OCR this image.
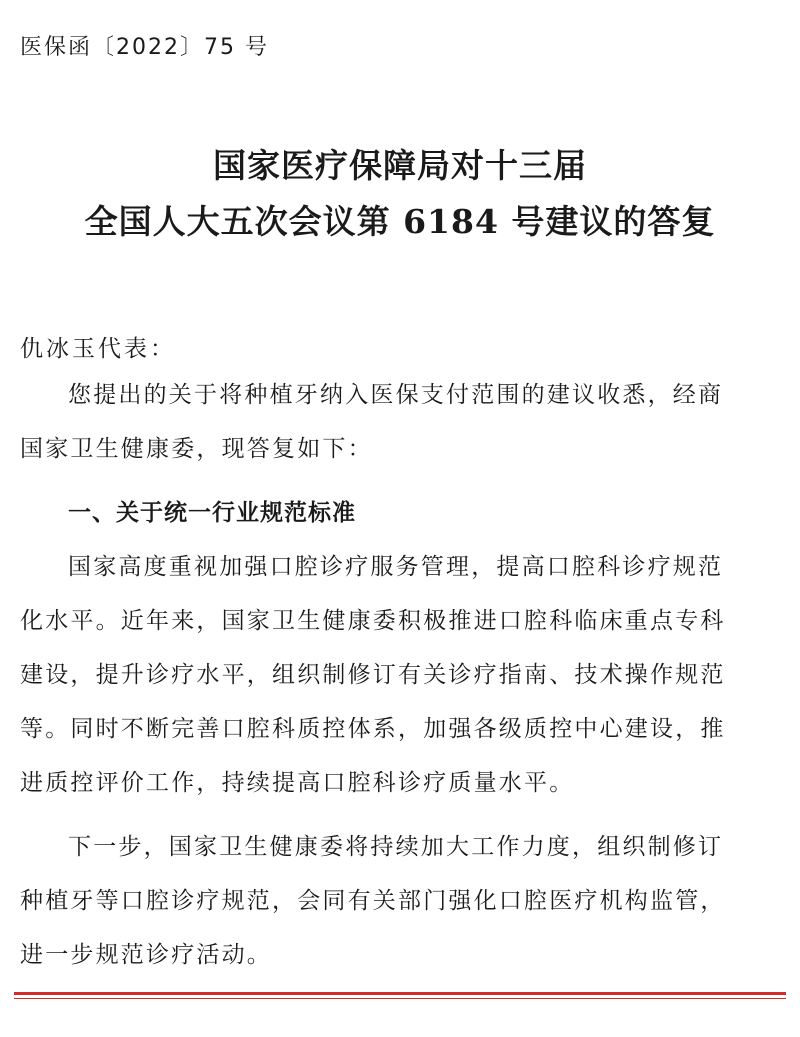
医保函〔2022〕75 号
国家医疗保障局对十三届
全国人大五次会议第 6184 号建议的答复
仇冰玉代表：
您提出的关于将种植牙纳入医保支付范围的建议收悉，经商
国家卫生健康委，现答复如下：
一、关于统一行业规范标准
国家高度重视加强口腔诊疗服务管理，提高口腔科诊疗规范
化水平。近年来，国家卫生健康委积极推进口腔科临床重点专科
建设，提升诊疗水平，组织制修订有关诊疗指南、技术操作规范
等。同时不断完善口腔科质控体系，加强各级质控中心建设，推
进质控评价工作，持续提高口腔科诊疗质量水平。
下一步，国家卫生健康委将持续加大工作力度，组织制修订
种植牙等口腔诊疗规范，会同有关部门强化口腔医疗机构监管，
进一步规范诊疗活动。
